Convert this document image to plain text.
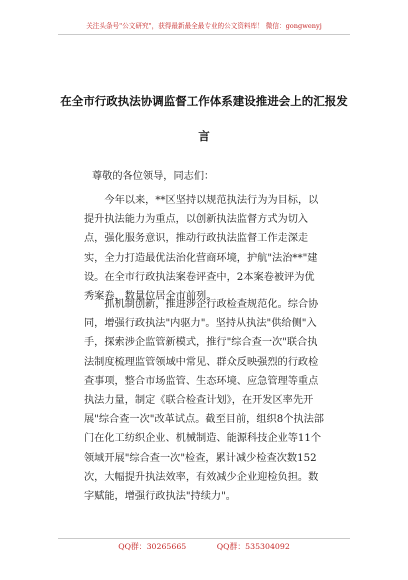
关注头条号"公文研究"，获得最新最全最专业的公文资料库！ 微信：gongwenyj
在全市行政执法协调监督工作体系建设推进会上的汇报发
言
尊敬的各位领导，同志们：
今年以来，**区坚持以规范执法行为为目标，以提升执法能力为重点，以创新执法监督方式为切入点，强化服务意识，推动行政执法监督工作走深走实，全力打造最优法治化营商环境，护航"法治**"建设。在全市行政执法案卷评查中，2本案卷被评为优秀案卷，数量位居全市前列。
抓机制创新，推进涉企行政检查规范化。综合协同，增强行政执法"内驱力"。坚持从执法"供给侧"入手，探索涉企监管新模式，推行"综合查一次"联合执法制度梳理监管领域中常见、群众反映强烈的行政检查事项，整合市场监管、生态环境、应急管理等重点执法力量，制定《联合检查计划》，在开发区率先开展"综合查一次"改革试点。截至目前，组织8个执法部门在化工纺织企业、机械制造、能源科技企业等11个领域开展"综合查一次"检查，累计减少检查次数152次，大幅提升执法效率，有效减少企业迎检负担。数字赋能，增强行政执法"持续力"。
QQ群：30265665	QQ群：535304092
